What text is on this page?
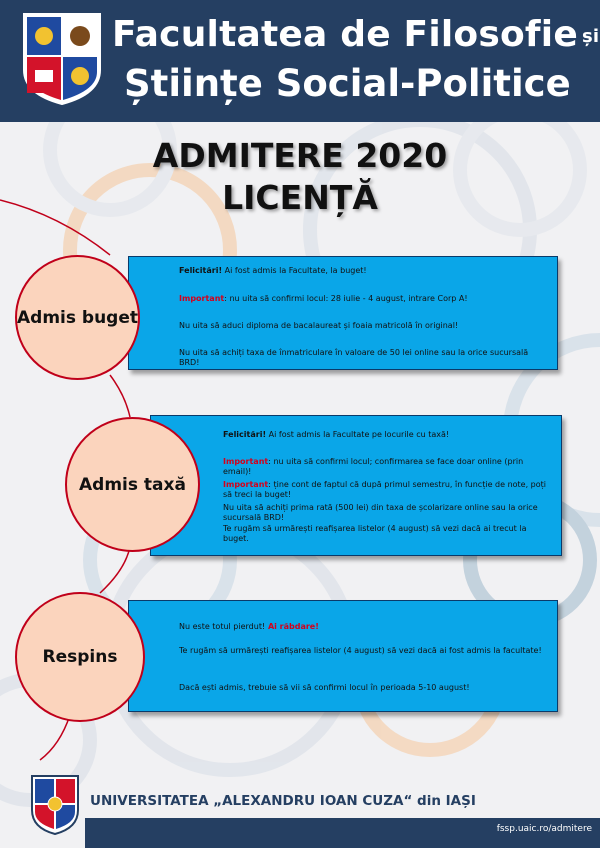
Facultatea de Filosofie și
Științe Social-Politice
ADMITERE 2020
LICENȚĂ

Felicitări! Ai fost admis la Facultate, la buget!

Important: nu uita să confirmi locul: 28 iulie - 4 august, intrare Corp A!

Nu uita să aduci diploma de bacalaureat și foaia matricolă în original!

Nu uita să achiți taxa de înmatriculare în valoare de 50 lei online sau la orice sucursală BRD!

Admis buget

Felicitări! Ai fost admis la Facultate pe locurile cu taxă!

Important: nu uita să confirmi locul; confirmarea se face doar online (prin email)!

Important: ține cont de faptul că după primul semestru, în funcție de note, poți să treci la buget!

Nu uita să achiți prima rată (500 lei) din taxa de școlarizare online sau la orice sucursală BRD!

Te rugăm să urmărești reafișarea listelor (4 august) să vezi dacă ai trecut la buget.

Admis taxă

Nu este totul pierdut! Ai răbdare!

Te rugăm să urmărești reafișarea listelor (4 august) să vezi dacă ai fost admis la facultate!

Dacă ești admis, trebuie să vii să confirmi locul în perioada 5-10 august!

Respins
UNIVERSITATEA „ALEXANDRU IOAN CUZA“ din IAȘI
fssp.uaic.ro/admitere
